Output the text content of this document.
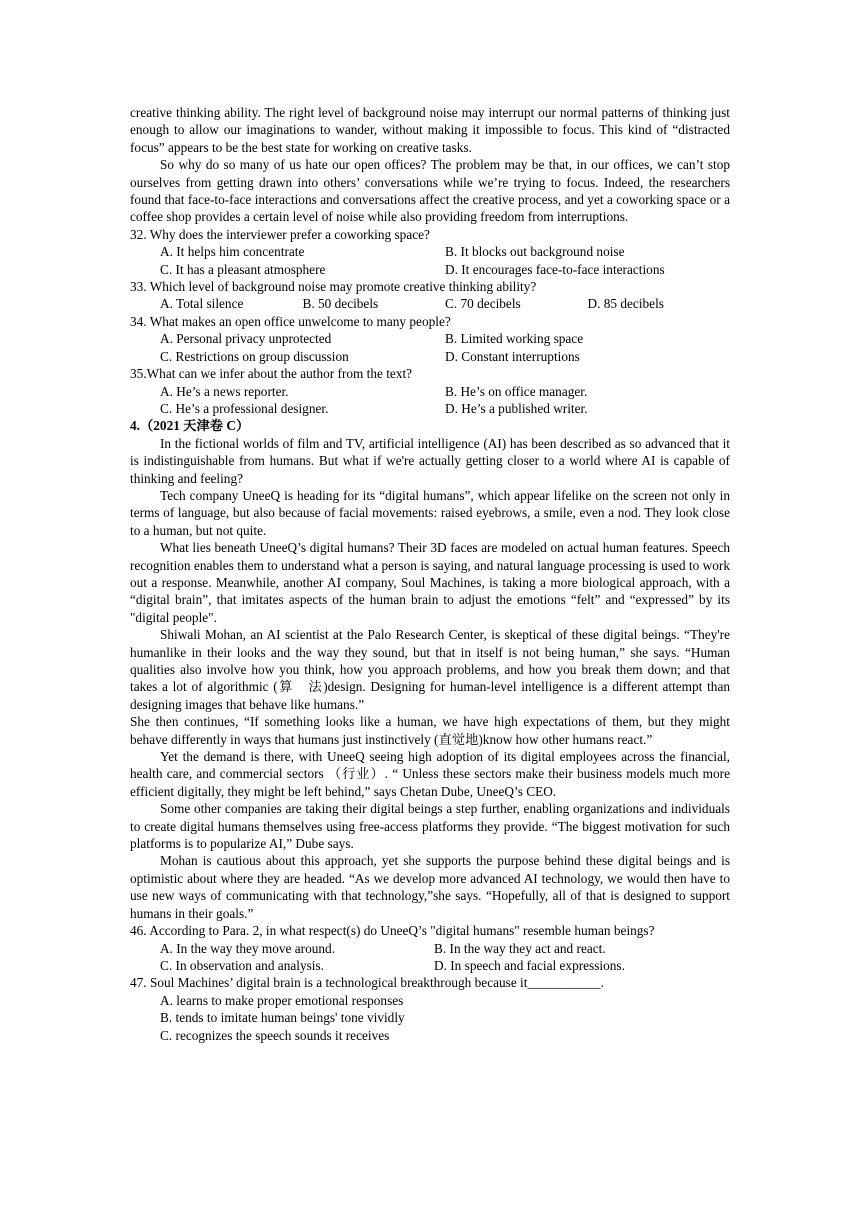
creative thinking ability. The right level of background noise may interrupt our normal patterns of thinking just enough to allow our imaginations to wander, without making it impossible to focus. This kind of “distracted focus” appears to be the best state for working on creative tasks.

So why do so many of us hate our open offices? The problem may be that, in our offices, we can’t stop ourselves from getting drawn into others’ conversations while we’re trying to focus. Indeed, the researchers found that face-to-face interactions and conversations affect the creative process, and yet a coworking space or a coffee shop provides a certain level of noise while also providing freedom from interruptions.

32. Why does the interviewer prefer a coworking space?
A. It helps him concentrate	B. It blocks out background noise
C. It has a pleasant atmosphere	D. It encourages face-to-face interactions
33. Which level of background noise may promote creative thinking ability?
A. Total silence	B. 50 decibels	C. 70 decibels	D. 85 decibels
34. What makes an open office unwelcome to many people?
A. Personal privacy unprotected	B. Limited working space
C. Restrictions on group discussion	D. Constant interruptions
35.What can we infer about the author from the text?
A. He’s a news reporter.	B. He’s on office manager.
C. He’s a professional designer.	D. He’s a published writer.
4.（2021 天津卷 C）

In the fictional worlds of film and TV, artificial intelligence (AI) has been described as so advanced that it is indistinguishable from humans. But what if we're actually getting closer to a world where AI is capable of thinking and feeling?

Tech company UneeQ is heading for its “digital humans”, which appear lifelike on the screen not only in terms of language, but also because of facial movements: raised eyebrows, a smile, even a nod. They look close to a human, but not quite.

What lies beneath UneeQ’s digital humans? Their 3D faces are modeled on actual human features. Speech recognition enables them to understand what a person is saying, and natural language processing is used to work out a response. Meanwhile, another AI company, Soul Machines, is taking a more biological approach, with a “digital brain”, that imitates aspects of the human brain to adjust the emotions “felt” and “expressed” by its "digital people".

Shiwali Mohan, an AI scientist at the Palo Research Center, is skeptical of these digital beings. “They're humanlike in their looks and the way they sound, but that in itself is not being human,” she says. “Human qualities also involve how you think, how you approach problems, and how you break them down; and that takes a lot of algorithmic (算　法)design. Designing for human-level intelligence is a different attempt than designing images that behave like humans.”

She then continues, “If something looks like a human, we have high expectations of them, but they might behave differently in ways that humans just instinctively (直觉地)know how other humans react.”

Yet the demand is there, with UneeQ seeing high adoption of its digital employees across the financial, health care, and commercial sectors （行业）. “ Unless these sectors make their business models much more efficient digitally, they might be left behind,” says Chetan Dube, UneeQ’s CEO.

Some other companies are taking their digital beings a step further, enabling organizations and individuals to create digital humans themselves using free-access platforms they provide. “The biggest motivation for such platforms is to popularize AI,” Dube says.

Mohan is cautious about this approach, yet she supports the purpose behind these digital beings and is optimistic about where they are headed. “As we develop more advanced AI technology, we would then have to use new ways of communicating with that technology,”she says. “Hopefully, all of that is designed to support humans in their goals.”

46. According to Para. 2, in what respect(s) do UneeQ’s "digital humans" resemble human beings?
A. In the way they move around.	B. In the way they act and react.
C. In observation and analysis.	D. In speech and facial expressions.
47. Soul Machines’ digital brain is a technological breakthrough because it___________.
A. learns to make proper emotional responses
B. tends to imitate human beings' tone vividly
C. recognizes the speech sounds it receives
